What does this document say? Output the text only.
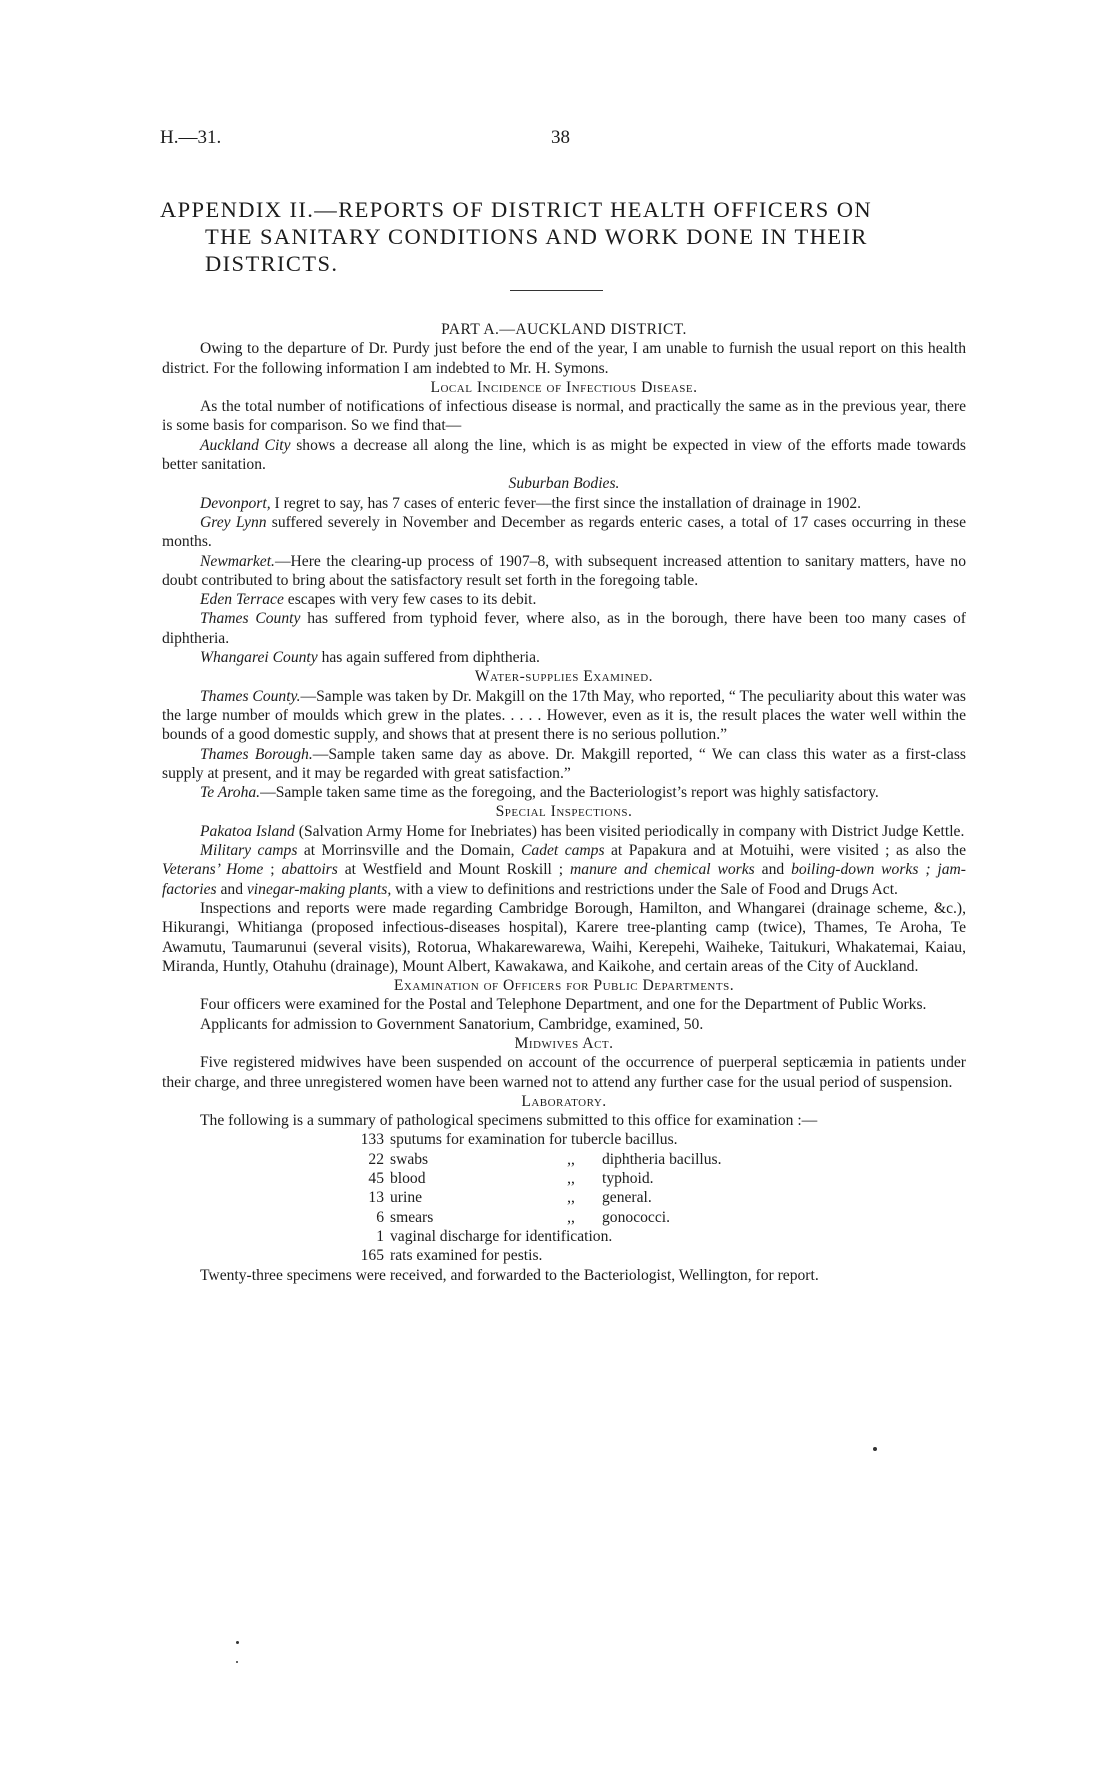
H.—31.	38
APPENDIX II.—REPORTS OF DISTRICT HEALTH OFFICERS ON
THE SANITARY CONDITIONS AND WORK DONE IN THEIR
DISTRICTS.

PART A.—AUCKLAND DISTRICT.

Owing to the departure of Dr. Purdy just before the end of the year, I am unable to furnish the usual report on this health district. For the following information I am indebted to Mr. H. Symons.

Local Incidence of Infectious Disease.

As the total number of notifications of infectious disease is normal, and practically the same as in the previous year, there is some basis for comparison. So we find that—

Auckland City shows a decrease all along the line, which is as might be expected in view of the efforts made towards better sanitation.

Suburban Bodies.

Devonport, I regret to say, has 7 cases of enteric fever—the first since the installation of drainage in 1902.

Grey Lynn suffered severely in November and December as regards enteric cases, a total of 17 cases occurring in these months.

Newmarket.—Here the clearing-up process of 1907–8, with subsequent increased attention to sanitary matters, have no doubt contributed to bring about the satisfactory result set forth in the foregoing table.

Eden Terrace escapes with very few cases to its debit.

Thames County has suffered from typhoid fever, where also, as in the borough, there have been too many cases of diphtheria.

Whangarei County has again suffered from diphtheria.

Water-supplies Examined.

Thames County.—Sample was taken by Dr. Makgill on the 17th May, who reported, “ The peculiarity about this water was the large number of moulds which grew in the plates. . . . . However, even as it is, the result places the water well within the bounds of a good domestic supply, and shows that at present there is no serious pollution.”

Thames Borough.—Sample taken same day as above. Dr. Makgill reported, “ We can class this water as a first-class supply at present, and it may be regarded with great satisfaction.”

Te Aroha.—Sample taken same time as the foregoing, and the Bacteriologist’s report was highly satisfactory.

Special Inspections.

Pakatoa Island (Salvation Army Home for Inebriates) has been visited periodically in company with District Judge Kettle.

Military camps at Morrinsville and the Domain, Cadet camps at Papakura and at Motuihi, were visited ; as also the Veterans’ Home ; abattoirs at Westfield and Mount Roskill ; manure and chemical works and boiling-down works ; jam-factories and vinegar-making plants, with a view to definitions and restrictions under the Sale of Food and Drugs Act.

Inspections and reports were made regarding Cambridge Borough, Hamilton, and Whangarei (drainage scheme, &c.), Hikurangi, Whitianga (proposed infectious-diseases hospital), Karere tree-planting camp (twice), Thames, Te Aroha, Te Awamutu, Taumarunui (several visits), Rotorua, Whakarewarewa, Waihi, Kerepehi, Waiheke, Taitukuri, Whakatemai, Kaiau, Miranda, Huntly, Otahuhu (drainage), Mount Albert, Kawakawa, and Kaikohe, and certain areas of the City of Auckland.

Examination of Officers for Public Departments.

Four officers were examined for the Postal and Telephone Department, and one for the Department of Public Works.

Applicants for admission to Government Sanatorium, Cambridge, examined, 50.

Midwives Act.

Five registered midwives have been suspended on account of the occurrence of puerperal septicæmia in patients under their charge, and three unregistered women have been warned not to attend any further case for the usual period of suspension.

Laboratory.

The following is a summary of pathological specimens submitted to this office for examination :—

133	sputums for examination for tubercle bacillus.		
22	swabs	,,	diphtheria bacillus.
45	blood	,,	typhoid.
13	urine	,,	general.
6	smears	,,	gonococci.
1	vaginal discharge for identification.		
165	rats examined for pestis.		

Twenty-three specimens were received, and forwarded to the Bacteriologist, Wellington, for report.
